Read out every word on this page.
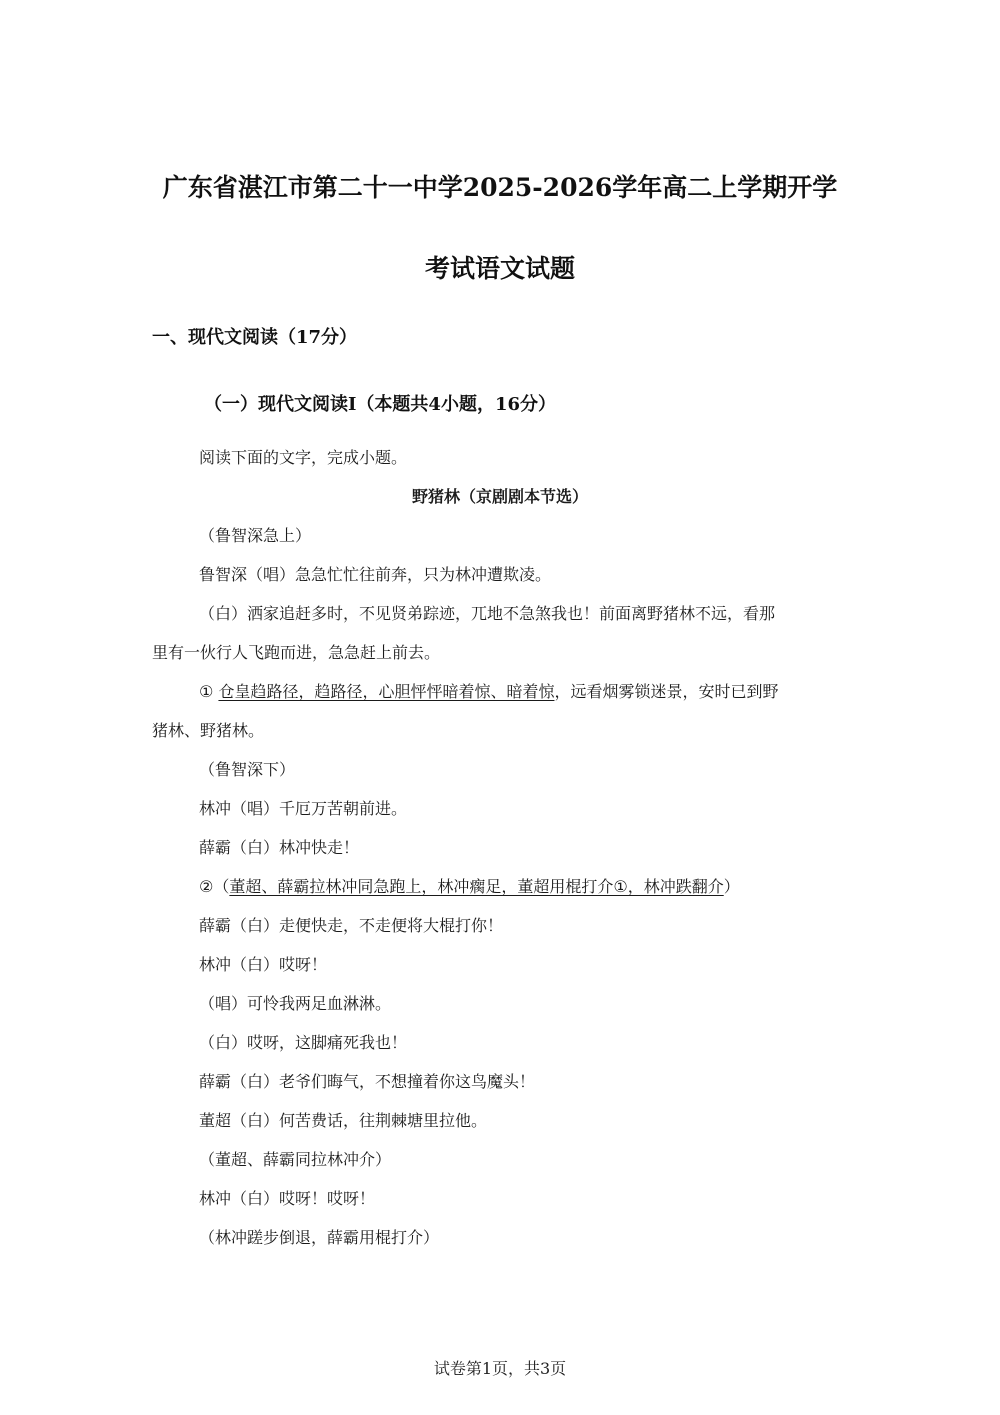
广东省湛江市第二十一中学2025-2026学年高二上学期开学
考试语文试题
一、现代文阅读（17分）
（一）现代文阅读I（本题共4小题，16分）
阅读下面的文字，完成小题。
野猪林（京剧剧本节选）
（鲁智深急上）
鲁智深（唱）急急忙忙往前奔，只为林冲遭欺凌。
（白）洒家追赶多时，不见贤弟踪迹，兀地不急煞我也！前面离野猪林不远，看那
里有一伙行人飞跑而进，急急赶上前去。
① 仓皇趋路径，趋路径，心胆怦怦暗着惊、暗着惊，远看烟雾锁迷景，安时已到野
猪林、野猪林。
（鲁智深下）
林冲（唱）千厄万苦朝前进。
薛霸（白）林冲快走！
②（董超、薛霸拉林冲同急跑上，林冲瘸足，董超用棍打介①，林冲跌翻介）
薛霸（白）走便快走，不走便将大棍打你！
林冲（白）哎呀！
（唱）可怜我两足血淋淋。
（白）哎呀，这脚痛死我也！
薛霸（白）老爷们晦气，不想撞着你这鸟魔头！
董超（白）何苦费话，往荆棘塘里拉他。
（董超、薛霸同拉林冲介）
林冲（白）哎呀！哎呀！
（林冲蹉步倒退，薛霸用棍打介）
试卷第1页，共3页
